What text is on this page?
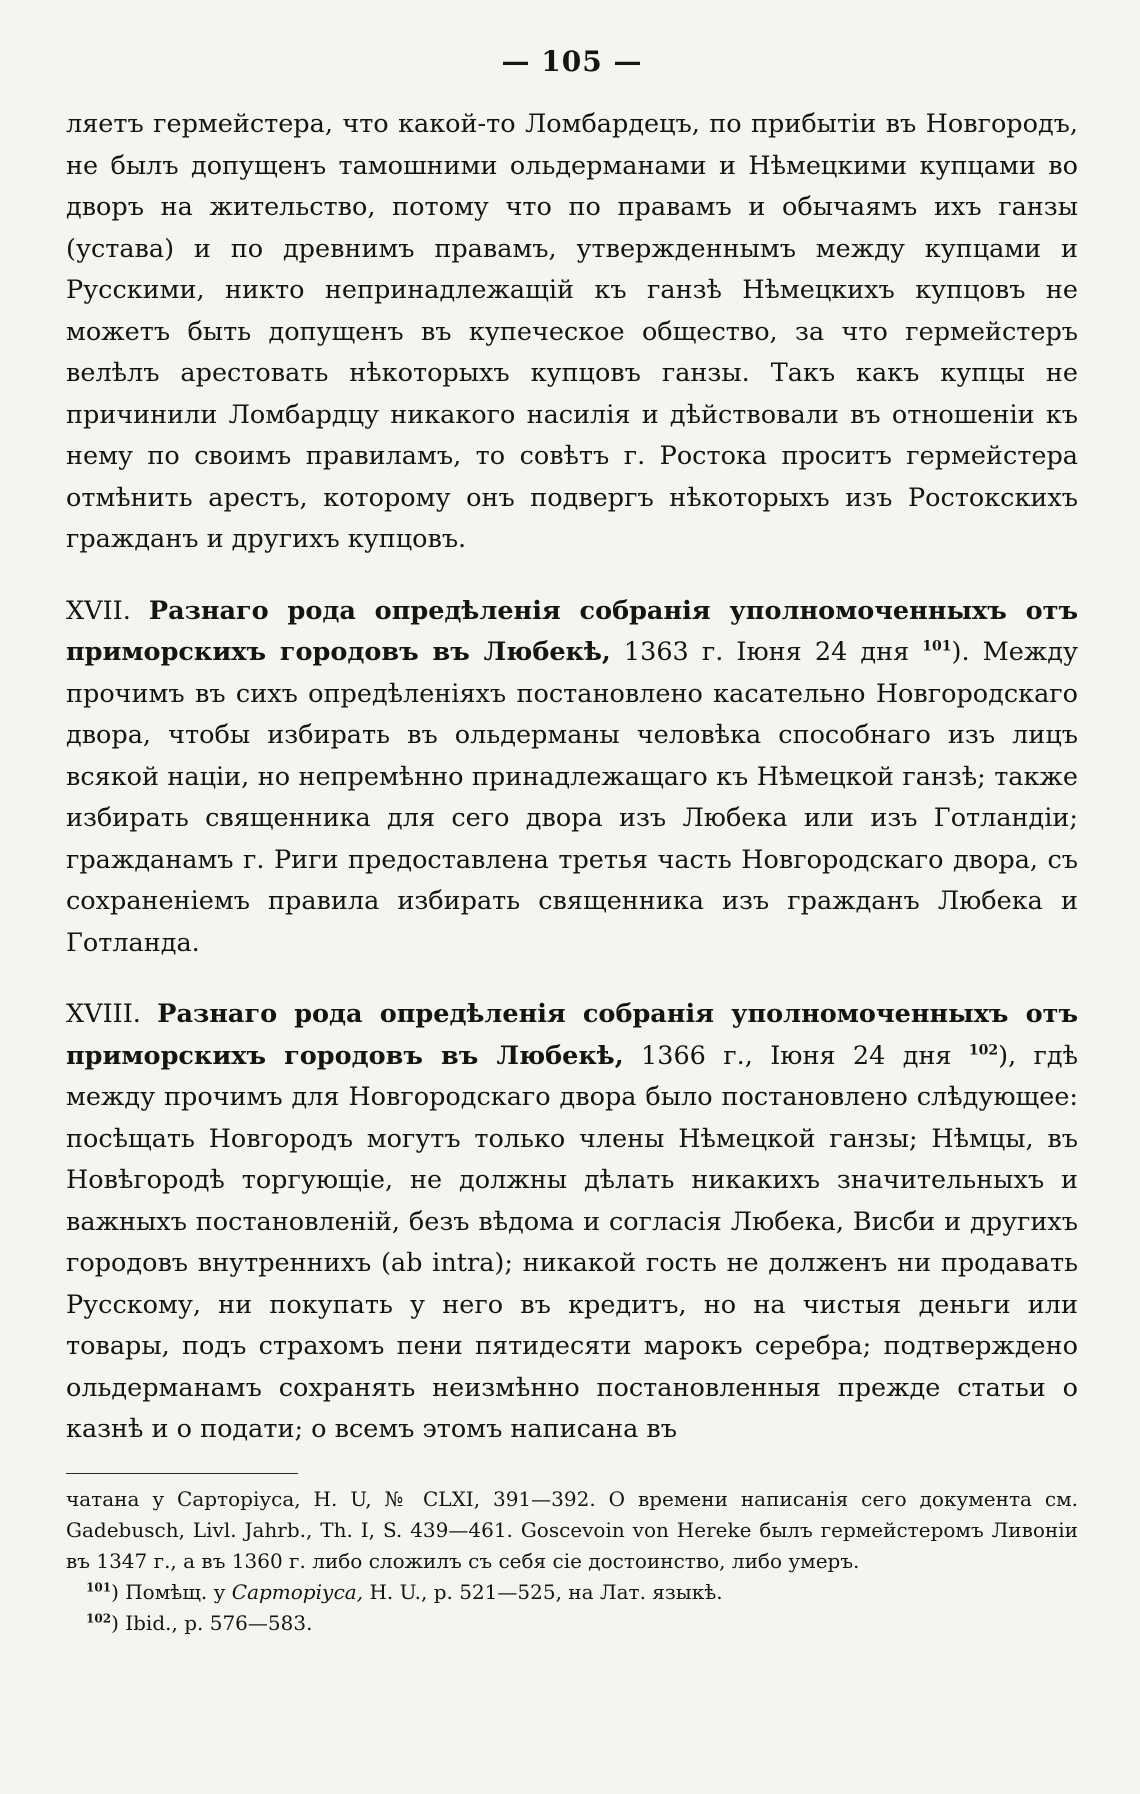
— 105 —

ляетъ гермейстера, что какой-то Ломбардецъ, по прибытіи въ Новгородъ, не былъ допущенъ тамошними ольдерманами и Нѣмецкими купцами во дворъ на жительство, потому что по правамъ и обычаямъ ихъ ганзы (устава) и по древнимъ правамъ, утвержденнымъ между купцами и Русскими, никто непринадлежащій къ ганзѣ Нѣмецкихъ купцовъ не можетъ быть допущенъ въ купеческое общество, за что гермейстеръ велѣлъ арестовать нѣкоторыхъ купцовъ ганзы. Такъ какъ купцы не причинили Ломбардцу никакого насилія и дѣйствовали въ отношеніи къ нему по своимъ правиламъ, то совѣтъ г. Ростока проситъ гермейстера отмѣнить арестъ, которому онъ подвергъ нѣкоторыхъ изъ Ростокскихъ гражданъ и другихъ купцовъ.

XVII. Разнаго рода опредѣленія собранія уполномоченныхъ отъ приморскихъ городовъ въ Любекѣ, 1363 г. Іюня 24 дня $^{101}$). Между прочимъ въ сихъ опредѣленіяхъ постановлено касательно Новгородскаго двора, чтобы избирать въ ольдерманы человѣка способнаго изъ лицъ всякой націи, но непремѣнно принадлежащаго къ Нѣмецкой ганзѣ; также избирать священника для сего двора изъ Любека или изъ Готландіи; гражданамъ г. Риги предоставлена третья часть Новгородскаго двора, съ сохраненіемъ правила избирать священника изъ гражданъ Любека и Готланда.

XVIII. Разнаго рода опредѣленія собранія уполномоченныхъ отъ приморскихъ городовъ въ Любекѣ, 1366 г., Іюня 24 дня $^{102}$), гдѣ между прочимъ для Новгородскаго двора было постановлено слѣдующее: посѣщать Новгородъ могутъ только члены Нѣмецкой ганзы; Нѣмцы, въ Новѣгородѣ торгующіе, не должны дѣлать никакихъ значительныхъ и важныхъ постановленій, безъ вѣдома и согласія Любека, Висби и другихъ городовъ внутреннихъ (ab intra); никакой гость не долженъ ни продавать Русскому, ни покупать у него въ кредитъ, но на чистыя деньги или товары, подъ страхомъ пени пятидесяти марокъ серебра; подтверждено ольдерманамъ сохранять неизмѣнно постановленныя прежде статьи о казнѣ и о подати; о всемъ этомъ написана въ

чатана у Сарторіуса, H. U, № CLXI, 391—392. О времени написанія сего документа см. Gadebusch, Livl. Jahrb., Th. I, S. 439—461. Goscevoin von Hereke былъ гермейстеромъ Ливоніи въ 1347 г., а въ 1360 г. либо сложилъ съ себя сіе достоинство, либо умеръ.

$^{101}$) Помѣщ. у Сарторіуса, H. U., p. 521—525, на Лат. языкѣ.

$^{102}$) Ibid., p. 576—583.
